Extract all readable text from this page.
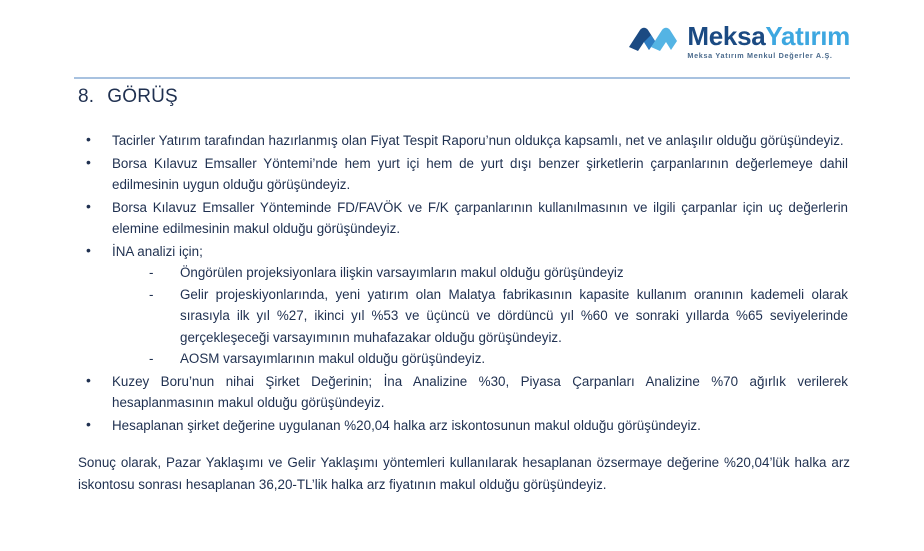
MeksaYatırım
Meksa Yatırım Menkul Değerler A.Ş.
8. GÖRÜŞ
• Tacirler Yatırım tarafından hazırlanmış olan Fiyat Tespit Raporu’nun oldukça kapsamlı, net ve anlaşılır olduğu görüşündeyiz.
• Borsa Kılavuz Emsaller Yöntemi’nde hem yurt içi hem de yurt dışı benzer şirketlerin çarpanlarının değerlemeye dahil edilmesinin uygun olduğu görüşündeyiz.
• Borsa Kılavuz Emsaller Yönteminde FD/FAVÖK ve F/K çarpanlarının kullanılmasının ve ilgili çarpanlar için uç değerlerin elemine edilmesinin makul olduğu görüşündeyiz.
• İNA analizi için;
- Öngörülen projeksiyonlara ilişkin varsayımların makul olduğu görüşündeyiz
- Gelir projeskiyonlarında, yeni yatırım olan Malatya fabrikasının kapasite kullanım oranının kademeli olarak sırasıyla ilk yıl %27, ikinci yıl %53 ve üçüncü ve dördüncü yıl %60 ve sonraki yıllarda %65 seviyelerinde gerçekleşeceği varsayımının muhafazakar olduğu görüşündeyiz.
- AOSM varsayımlarının makul olduğu görüşündeyiz.
• Kuzey Boru’nun nihai Şirket Değerinin; İna Analizine %30, Piyasa Çarpanları Analizine %70 ağırlık verilerek hesaplanmasının makul olduğu görüşündeyiz.
• Hesaplanan şirket değerine uygulanan %20,04 halka arz iskontosunun makul olduğu görüşündeyiz.

Sonuç olarak, Pazar Yaklaşımı ve Gelir Yaklaşımı yöntemleri kullanılarak hesaplanan özsermaye değerine %20,04’lük halka arz iskontosu sonrası hesaplanan 36,20-TL’lik halka arz fiyatının makul olduğu görüşündeyiz.
